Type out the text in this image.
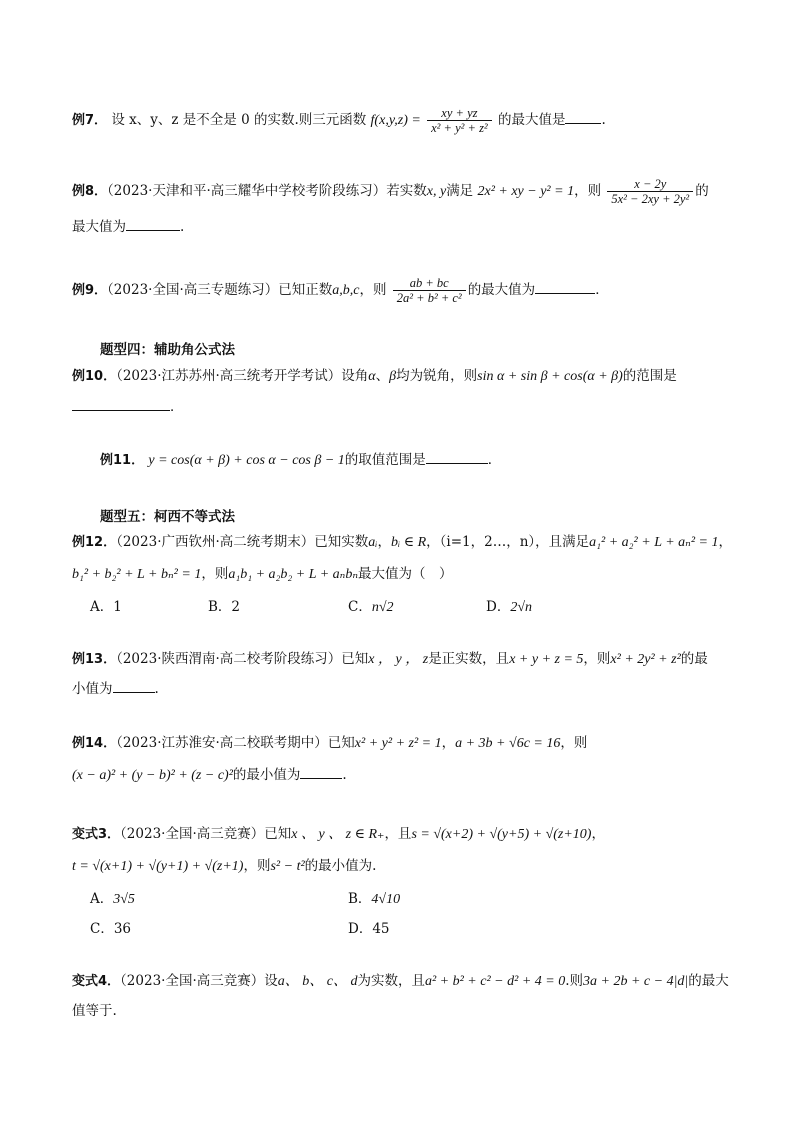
例7． 设 x、y、z 是不全是 0 的实数.则三元函数 $f(x,y,z) = \frac{xy + yz}{\text{x² + y² + z²}}$ 的最大值是	.
例8．（2023·天津和平·高三耀华中学校考阶段练习）若实数x, y满足 2x² + xy − y² = 1，则 $\frac{x - 2y}{\text{5x² − 2xy + 2y²}}$ 的
最大值为	.
例9．（2023·全国·高三专题练习）已知正数a,b,c，则 $\frac{ab + bc}{\text{2a² + b² + c²}}$ 的最大值为	．
题型四：辅助角公式法
例10．（2023·江苏苏州·高三统考开学考试）设角α、β均为锐角，则sin α + sin β + cos(α + β)的范围是
．
例11． y = cos(α + β) + cos α − cos β − 1的取值范围是	．
题型五：柯西不等式法
例12．（2023·广西钦州·高二统考期末）已知实数aᵢ，bᵢ ∈ R，（i=1，2…，n），且满足a₁² + a₂² + L + aₙ² = 1，
b₁² + b₂² + L + bₙ² = 1，则a₁b₁ + a₂b₂ + L + aₙbₙ最大值为（　）
A．1	B．2	C．n√2	D．2√n
例13．（2023·陕西渭南·高二校考阶段练习）已知x ， y ， z是正实数，且x + y + z = 5，则x² + 2y² + z²的最
小值为	.
例14．（2023·江苏淮安·高二校联考期中）已知x² + y² + z² = 1，a + 3b + √6c = 16，则
(x − a)² + (y − b)² + (z − c)²的最小值为	.
变式3．（2023·全国·高三竞赛）已知x 、 y 、 z ∈ R₊，且s = √(x+2) + √(y+5) + √(z+10)，
t = √(x+1) + √(y+1) + √(z+1)，则s² − t²的最小值为.
A．3√5	B．4√10
C．36	D．45
变式4．（2023·全国·高三竞赛）设a、 b、 c、 d为实数，且a² + b² + c² − d² + 4 = 0.则3a + 2b + c − 4|d|的最大
值等于.
